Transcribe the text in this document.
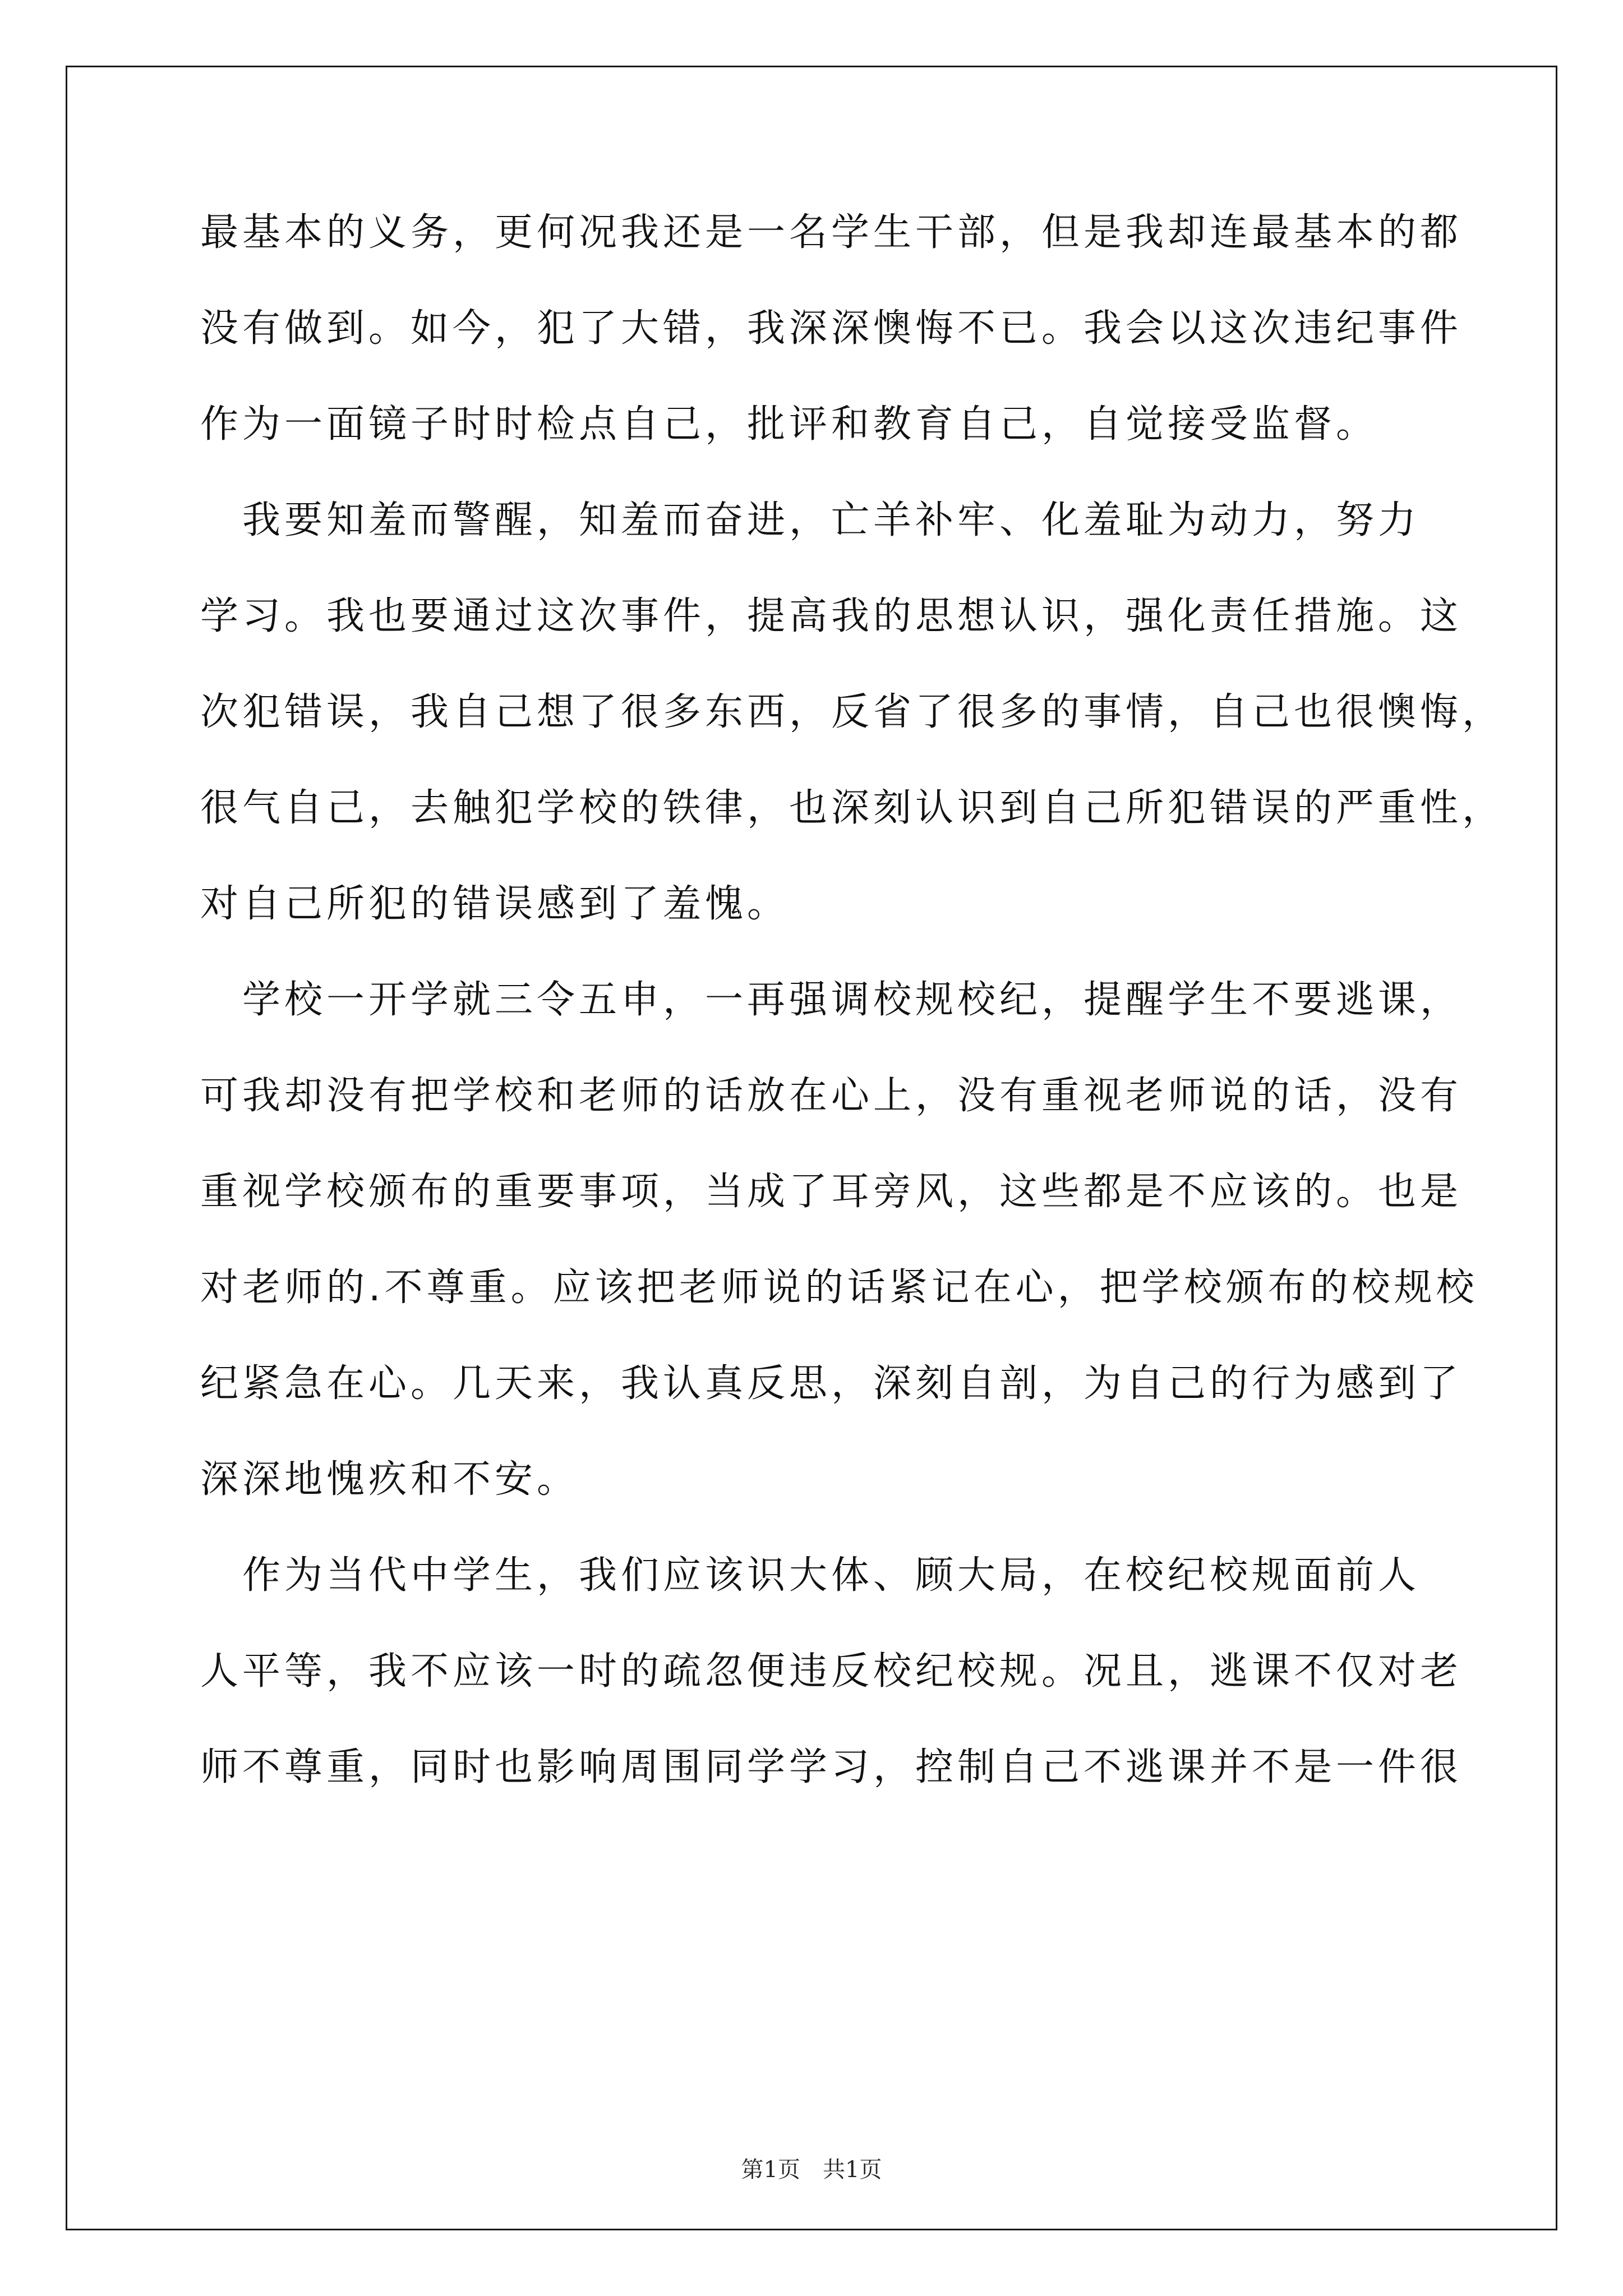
最基本的义务，更何况我还是一名学生干部，但是我却连最基本的都
没有做到。如今，犯了大错，我深深懊悔不已。我会以这次违纪事件
作为一面镜子时时检点自己，批评和教育自己，自觉接受监督。
　我要知羞而警醒，知羞而奋进，亡羊补牢、化羞耻为动力，努力
学习。我也要通过这次事件，提高我的思想认识，强化责任措施。这
次犯错误，我自己想了很多东西，反省了很多的事情，自己也很懊悔，
很气自己，去触犯学校的铁律，也深刻认识到自己所犯错误的严重性，
对自己所犯的错误感到了羞愧。
　学校一开学就三令五申，一再强调校规校纪，提醒学生不要逃课，
可我却没有把学校和老师的话放在心上，没有重视老师说的话，没有
重视学校颁布的重要事项，当成了耳旁风，这些都是不应该的。也是
对老师的.不尊重。应该把老师说的话紧记在心，把学校颁布的校规校
纪紧急在心。几天来，我认真反思，深刻自剖，为自己的行为感到了
深深地愧疚和不安。
　作为当代中学生，我们应该识大体、顾大局，在校纪校规面前人
人平等，我不应该一时的疏忽便违反校纪校规。况且，逃课不仅对老
师不尊重，同时也影响周围同学学习，控制自己不逃课并不是一件很
第1页　共1页
